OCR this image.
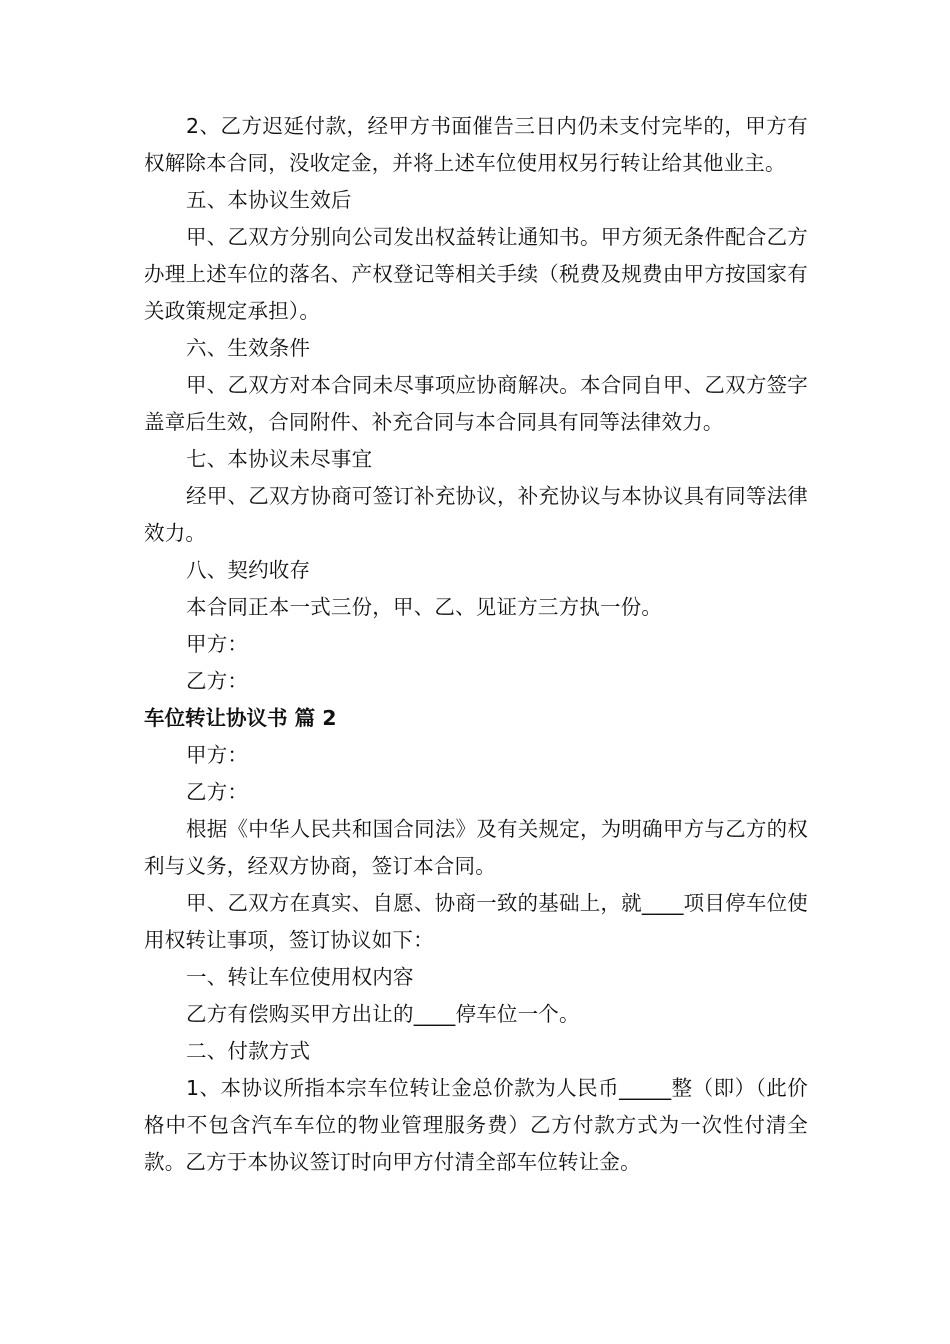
2、乙方迟延付款，经甲方书面催告三日内仍未支付完毕的，甲方有权解除本合同，没收定金，并将上述车位使用权另行转让给其他业主。

五、本协议生效后

甲、乙双方分别向公司发出权益转让通知书。甲方须无条件配合乙方办理上述车位的落名、产权登记等相关手续（税费及规费由甲方按国家有关政策规定承担）。

六、生效条件

甲、乙双方对本合同未尽事项应协商解决。本合同自甲、乙双方签字盖章后生效，合同附件、补充合同与本合同具有同等法律效力。

七、本协议未尽事宜

经甲、乙双方协商可签订补充协议，补充协议与本协议具有同等法律效力。

八、契约收存

本合同正本一式三份，甲、乙、见证方三方执一份。

甲方：

乙方：

车位转让协议书 篇 2

甲方：

乙方：

根据《中华人民共和国合同法》及有关规定，为明确甲方与乙方的权利与义务，经双方协商，签订本合同。

甲、乙双方在真实、自愿、协商一致的基础上，就____项目停车位使用权转让事项，签订协议如下：

一、转让车位使用权内容

乙方有偿购买甲方出让的____停车位一个。

二、付款方式

1、本协议所指本宗车位转让金总价款为人民币_____整（即）（此价格中不包含汽车车位的物业管理服务费）乙方付款方式为一次性付清全款。乙方于本协议签订时向甲方付清全部车位转让金。
